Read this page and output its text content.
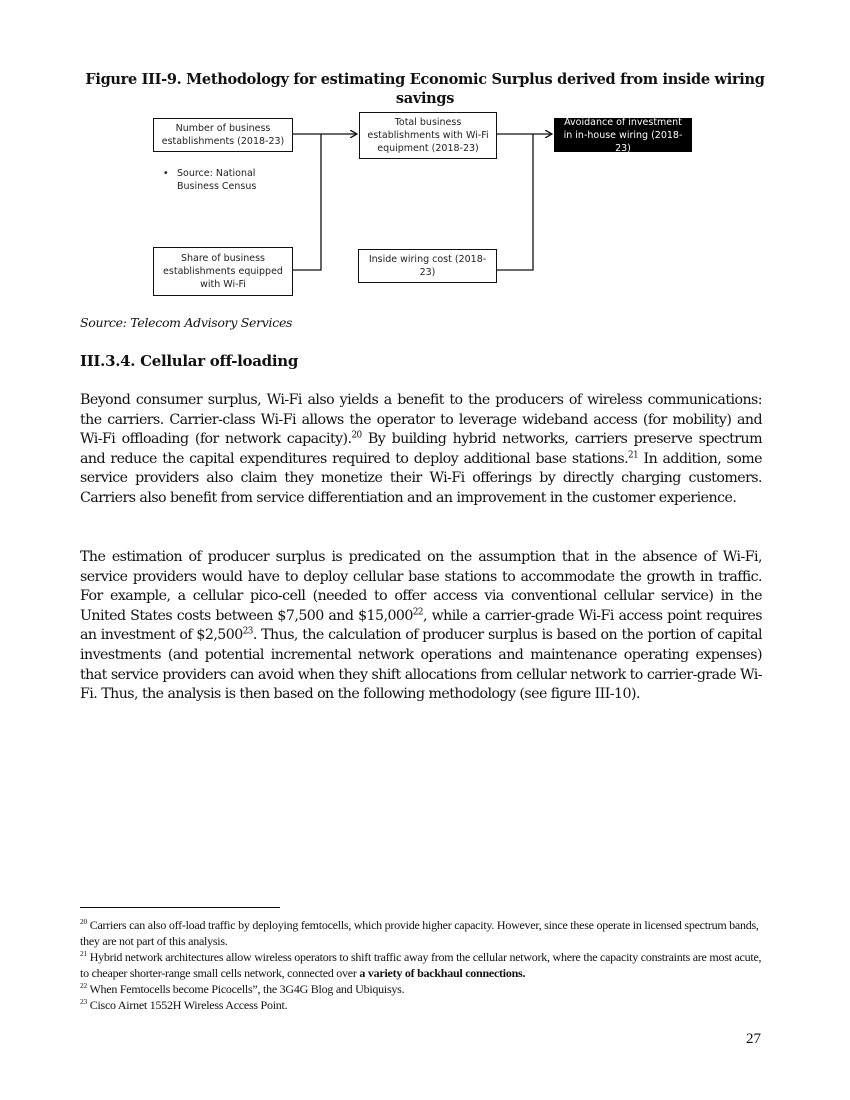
Figure III-9. Methodology for estimating Economic Surplus derived from inside wiring savings
Number of business establishments (2018-23)
Total business establishments with Wi-Fi equipment (2018-23)
Avoidance of investment in in-house wiring (2018-23)
Share of business establishments equipped with Wi-Fi
Inside wiring cost (2018-23)
• Source: National Business Census
Source: Telecom Advisory Services
III.3.4. Cellular off-loading

Beyond consumer surplus, Wi-Fi also yields a benefit to the producers of wireless communications: the carriers. Carrier-class Wi-Fi allows the operator to leverage wideband access (for mobility) and Wi-Fi offloading (for network capacity).$^{20}$ By building hybrid networks, carriers preserve spectrum and reduce the capital expenditures required to deploy additional base stations.$^{21}$ In addition, some service providers also claim they monetize their Wi-Fi offerings by directly charging customers. Carriers also benefit from service differentiation and an improvement in the customer experience.

The estimation of producer surplus is predicated on the assumption that in the absence of Wi-Fi, service providers would have to deploy cellular base stations to accommodate the growth in traffic. For example, a cellular pico-cell (needed to offer access via conventional cellular service) in the United States costs between $7,500 and $15,000$^{22}$, while a carrier-grade Wi-Fi access point requires an investment of $2,500$^{23}$. Thus, the calculation of producer surplus is based on the portion of capital investments (and potential incremental network operations and maintenance operating expenses) that service providers can avoid when they shift allocations from cellular network to carrier-grade Wi-Fi. Thus, the analysis is then based on the following methodology (see figure III-10).

$^{20}$ Carriers can also off-load traffic by deploying femtocells, which provide higher capacity. However, since these operate in licensed spectrum bands, they are not part of this analysis.

$^{21}$ Hybrid network architectures allow wireless operators to shift traffic away from the cellular network, where the capacity constraints are most acute, to cheaper shorter-range small cells network, connected over a variety of backhaul connections.

$^{22}$ When Femtocells become Picocells”, the 3G4G Blog and Ubiquisys.

$^{23}$ Cisco Airnet 1552H Wireless Access Point.

27
